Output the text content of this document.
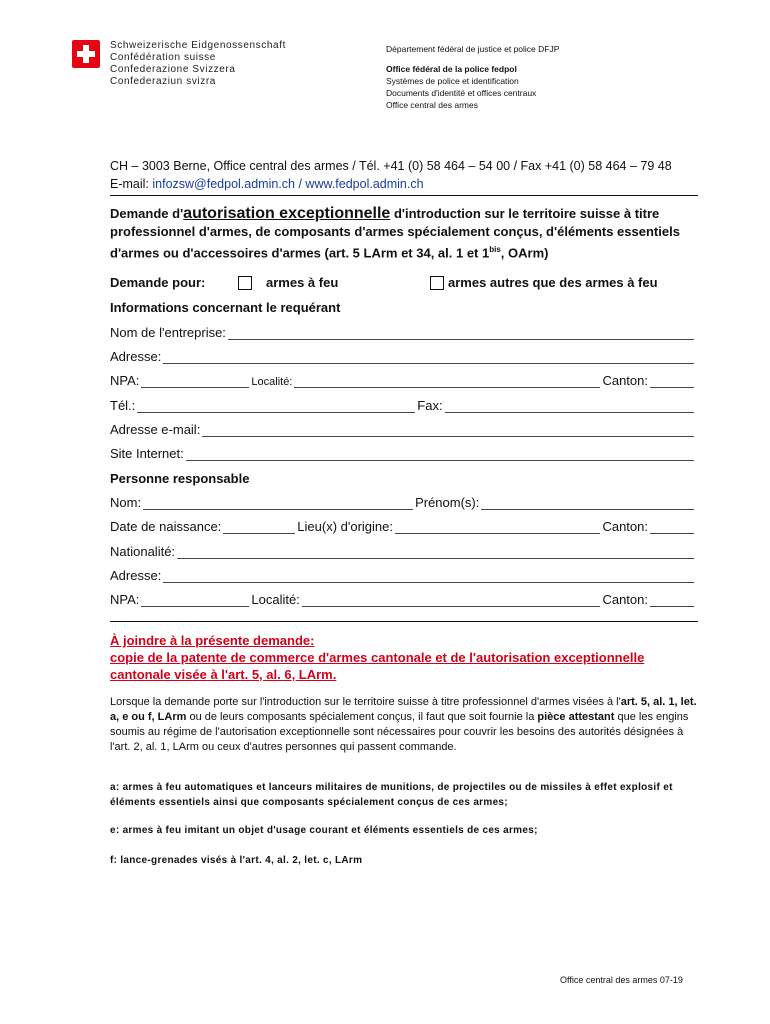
Schweizerische Eidgenossenschaft
Confédération suisse
Confederazione Svizzera
Confederaziun svizra
Département fédéral de justice et police DFJP
Office fédéral de la police fedpol
Systèmes de police et identification
Documents d'identité et offices centraux
Office central des armes
CH – 3003 Berne, Office central des armes / Tél. +41 (0) 58 464 – 54 00 / Fax +41 (0) 58 464 – 79 48
E-mail: infozsw@fedpol.admin.ch / www.fedpol.admin.ch
Demande d'autorisation exceptionnelle d'introduction sur le territoire suisse à titre professionnel d'armes, de composants d'armes spécialement conçus, d'éléments essentiels d'armes ou d'accessoires d'armes (art. 5 LArm et 34, al. 1 et $1^{bis}$, OArm)
Demande pour:	armes à feu	armes autres que des armes à feu
Informations concernant le requérant
Nom de l'entreprise:
Adresse:
NPA:	Localité:	Canton:
Tél.:	Fax:
Adresse e-mail:
Site Internet:
Personne responsable
Nom:	Prénom(s):
Date de naissance:	Lieu(x) d'origine:	Canton:
Nationalité:
Adresse:
NPA:	Localité:	Canton:
À joindre à la présente demande:
copie de la patente de commerce d'armes cantonale et de l'autorisation exceptionnelle cantonale visée à l'art. 5, al. 6, LArm.
Lorsque la demande porte sur l'introduction sur le territoire suisse à titre professionnel d'armes visées à l'art. 5, al. 1, let. a, e ou f, LArm ou de leurs composants spécialement conçus, il faut que soit fournie la pièce attestant que les engins soumis au régime de l'autorisation exceptionnelle sont nécessaires pour couvrir les besoins des autorités désignées à l'art. 2, al. 1, LArm ou ceux d'autres personnes qui passent commande.
a: armes à feu automatiques et lanceurs militaires de munitions, de projectiles ou de missiles à effet explosif et éléments essentiels ainsi que composants spécialement conçus de ces armes;
e: armes à feu imitant un objet d'usage courant et éléments essentiels de ces armes;
f: lance-grenades visés à l'art. 4, al. 2, let. c, LArm
Office central des armes 07-19
